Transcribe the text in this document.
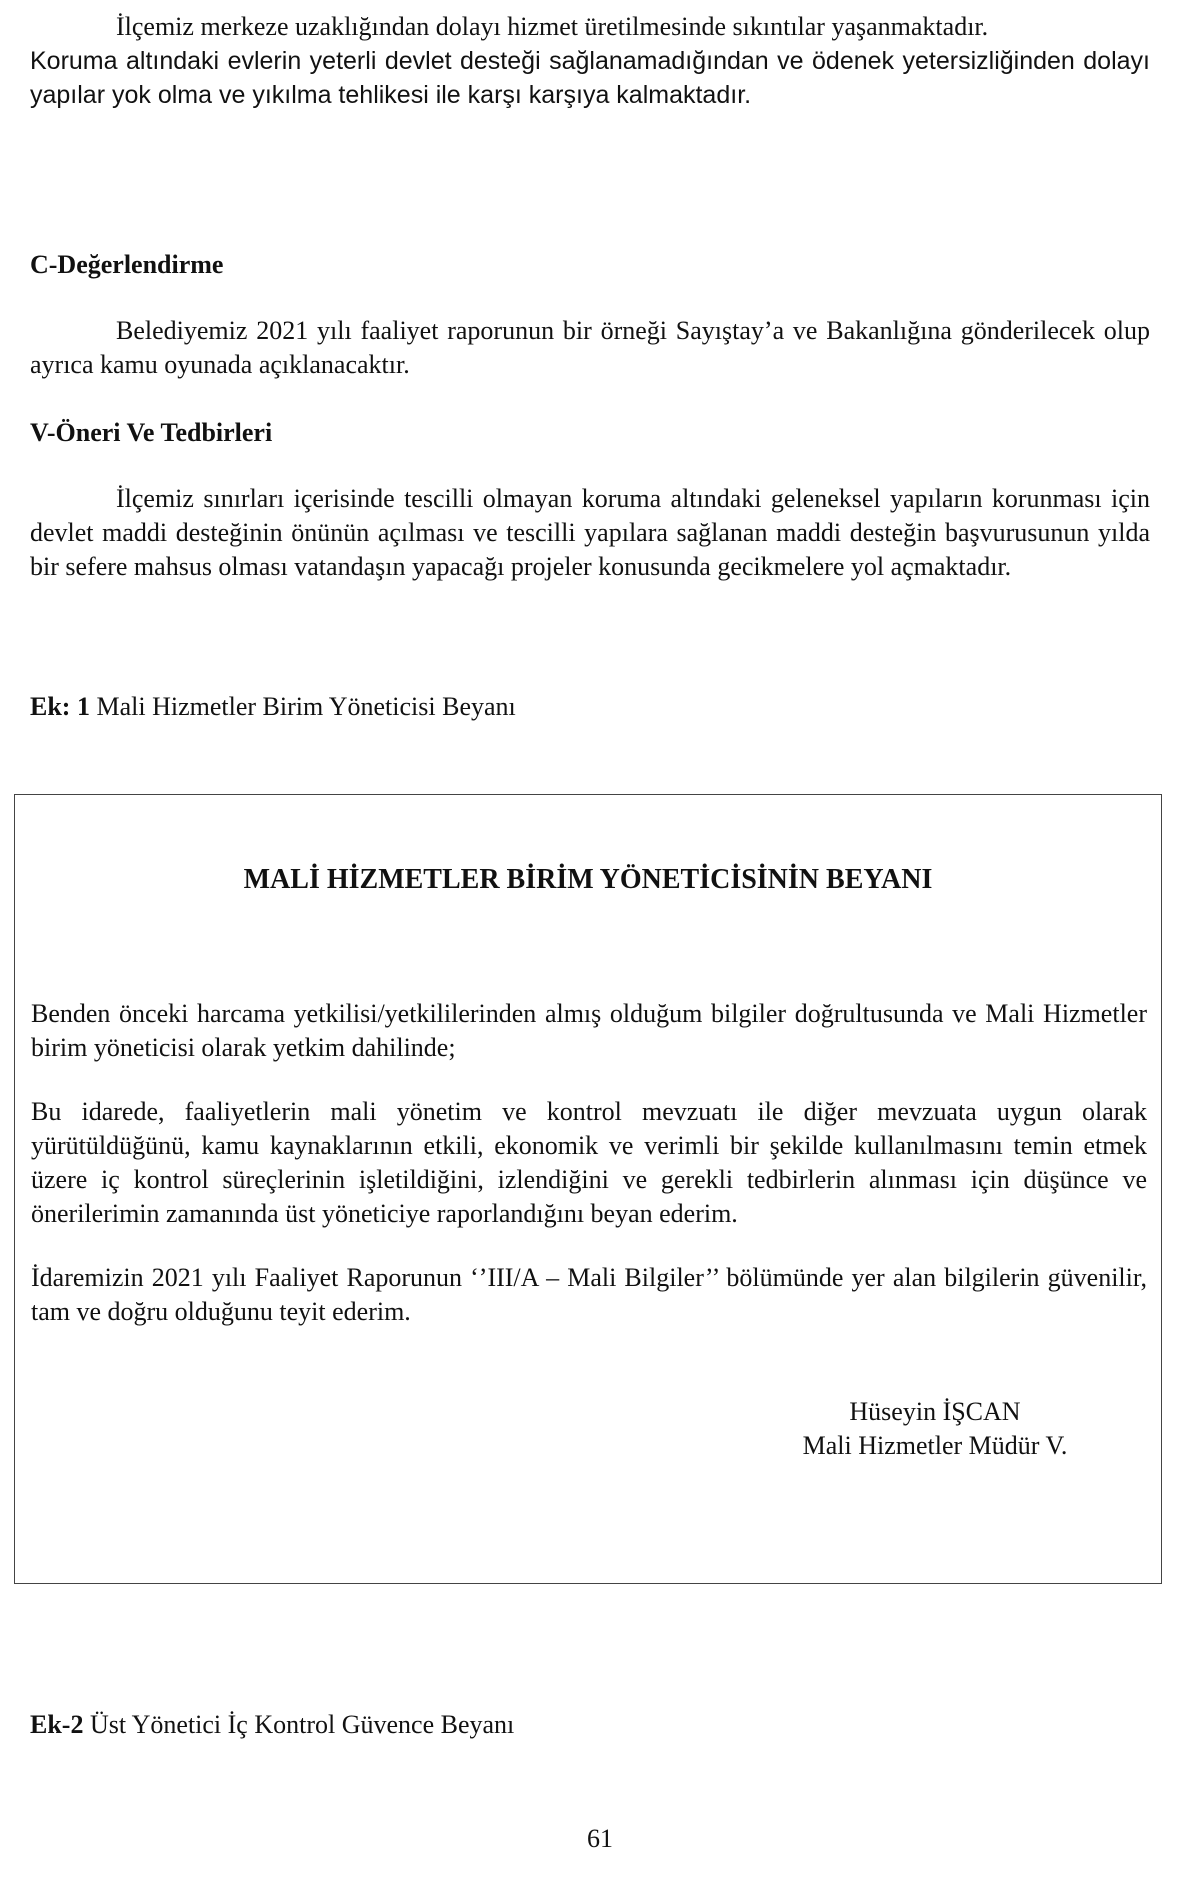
İlçemiz merkeze uzaklığından dolayı hizmet üretilmesinde sıkıntılar yaşanmaktadır.

Koruma altındaki evlerin yeterli devlet desteği sağlanamadığından ve ödenek yetersizliğinden dolayı yapılar yok olma ve yıkılma tehlikesi ile karşı karşıya kalmaktadır.

C-Değerlendirme

Belediyemiz 2021 yılı faaliyet raporunun bir örneği Sayıştay’a ve Bakanlığına gönderilecek olup ayrıca kamu oyunada açıklanacaktır.

V-Öneri Ve Tedbirleri

İlçemiz sınırları içerisinde tescilli olmayan koruma altındaki geleneksel yapıların korunması için devlet maddi desteğinin önünün açılması ve tescilli yapılara sağlanan maddi desteğin başvurusunun yılda bir sefere mahsus olması vatandaşın yapacağı projeler konusunda gecikmelere yol açmaktadır.

Ek: 1 Mali Hizmetler Birim Yöneticisi Beyanı

MALİ HİZMETLER BİRİM YÖNETİCİSİNİN BEYANI

Benden önceki harcama yetkilisi/yetkililerinden almış olduğum bilgiler doğrultusunda ve Mali Hizmetler birim yöneticisi olarak yetkim dahilinde;

Bu idarede, faaliyetlerin mali yönetim ve kontrol mevzuatı ile diğer mevzuata uygun olarak yürütüldüğünü, kamu kaynaklarının etkili, ekonomik ve verimli bir şekilde kullanılmasını temin etmek üzere iç kontrol süreçlerinin işletildiğini, izlendiğini ve gerekli tedbirlerin alınması için düşünce ve önerilerimin zamanında üst yöneticiye raporlandığını beyan ederim.

İdaremizin 2021 yılı Faaliyet Raporunun ‘’III/A – Mali Bilgiler’’ bölümünde yer alan bilgilerin güvenilir, tam ve doğru olduğunu teyit ederim.

Hüseyin İŞCAN
Mali Hizmetler Müdür V.

Ek-2 Üst Yönetici İç Kontrol Güvence Beyanı

61
